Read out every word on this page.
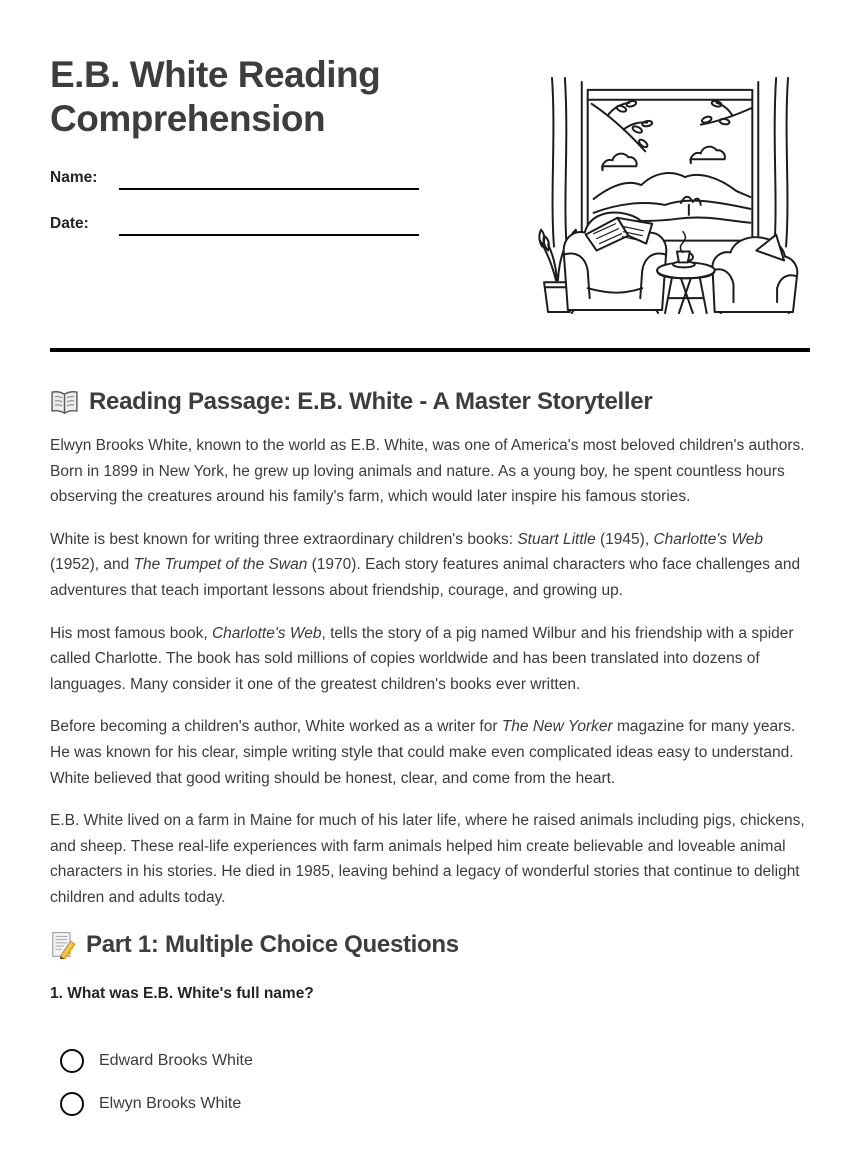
E.B. White Reading Comprehension
Name:
Date:
Reading Passage: E.B. White - A Master Storyteller

Elwyn Brooks White, known to the world as E.B. White, was one of America's most beloved children's authors. Born in 1899 in New York, he grew up loving animals and nature. As a young boy, he spent countless hours observing the creatures around his family's farm, which would later inspire his famous stories.

White is best known for writing three extraordinary children's books: Stuart Little (1945), Charlotte's Web (1952), and The Trumpet of the Swan (1970). Each story features animal characters who face challenges and adventures that teach important lessons about friendship, courage, and growing up.

His most famous book, Charlotte's Web, tells the story of a pig named Wilbur and his friendship with a spider called Charlotte. The book has sold millions of copies worldwide and has been translated into dozens of languages. Many consider it one of the greatest children's books ever written.

Before becoming a children's author, White worked as a writer for The New Yorker magazine for many years. He was known for his clear, simple writing style that could make even complicated ideas easy to understand. White believed that good writing should be honest, clear, and come from the heart.

E.B. White lived on a farm in Maine for much of his later life, where he raised animals including pigs, chickens, and sheep. These real-life experiences with farm animals helped him create believable and loveable animal characters in his stories. He died in 1985, leaving behind a legacy of wonderful stories that continue to delight children and adults today.

Part 1: Multiple Choice Questions

1. What was E.B. White's full name?

Edward Brooks White
Elwyn Brooks White
